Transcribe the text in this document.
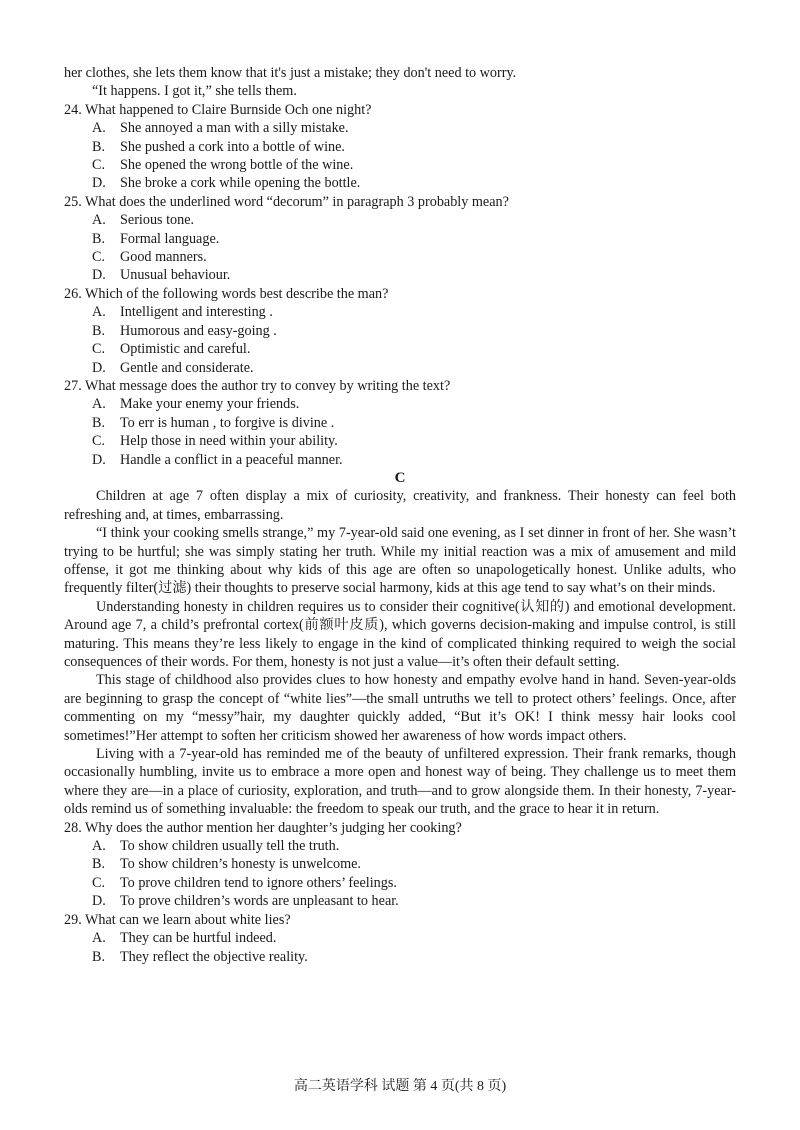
her clothes, she lets them know that it's just a mistake; they don't need to worry.

“It happens. I got it,” she tells them.

24. What happened to Claire Burnside Och one night?

A. She annoyed a man with a silly mistake.

B. She pushed a cork into a bottle of wine.

C. She opened the wrong bottle of the wine.

D. She broke a cork while opening the bottle.

25. What does the underlined word “decorum” in paragraph 3 probably mean?

A. Serious tone.

B. Formal language.

C. Good manners.

D. Unusual behaviour.

26. Which of the following words best describe the man?

A. Intelligent and interesting .

B. Humorous and easy-going .

C. Optimistic and careful.

D. Gentle and considerate.

27. What message does the author try to convey by writing the text?

A. Make your enemy your friends.

B. To err is human , to forgive is divine .

C. Help those in need within your ability.

D. Handle a conflict in a peaceful manner.

C

Children at age 7 often display a mix of curiosity, creativity, and frankness. Their honesty can feel both refreshing and, at times, embarrassing.

“I think your cooking smells strange,” my 7-year-old said one evening, as I set dinner in front of her. She wasn’t trying to be hurtful; she was simply stating her truth. While my initial reaction was a mix of amusement and mild offense, it got me thinking about why kids of this age are often so unapologetically honest. Unlike adults, who frequently filter(过滤) their thoughts to preserve social harmony, kids at this age tend to say what’s on their minds.

Understanding honesty in children requires us to consider their cognitive(认知的) and emotional development. Around age 7, a child’s prefrontal cortex(前额叶皮质), which governs decision-making and impulse control, is still maturing. This means they’re less likely to engage in the kind of complicated thinking required to weigh the social consequences of their words. For them, honesty is not just a value—it’s often their default setting.

This stage of childhood also provides clues to how honesty and empathy evolve hand in hand. Seven-year-olds are beginning to grasp the concept of “white lies”—the small untruths we tell to protect others’ feelings. Once, after commenting on my “messy”hair, my daughter quickly added, “But it’s OK! I think messy hair looks cool sometimes!”Her attempt to soften her criticism showed her awareness of how words impact others.

Living with a 7-year-old has reminded me of the beauty of unfiltered expression. Their frank remarks, though occasionally humbling, invite us to embrace a more open and honest way of being. They challenge us to meet them where they are—in a place of curiosity, exploration, and truth—and to grow alongside them. In their honesty, 7-year-olds remind us of something invaluable: the freedom to speak our truth, and the grace to hear it in return.

28. Why does the author mention her daughter’s judging her cooking?

A. To show children usually tell the truth.

B. To show children’s honesty is unwelcome.

C. To prove children tend to ignore others’ feelings.

D. To prove children’s words are unpleasant to hear.

29. What can we learn about white lies?

A. They can be hurtful indeed.

B. They reflect the objective reality.

高二英语学科 试题 第 4 页(共 8 页)
